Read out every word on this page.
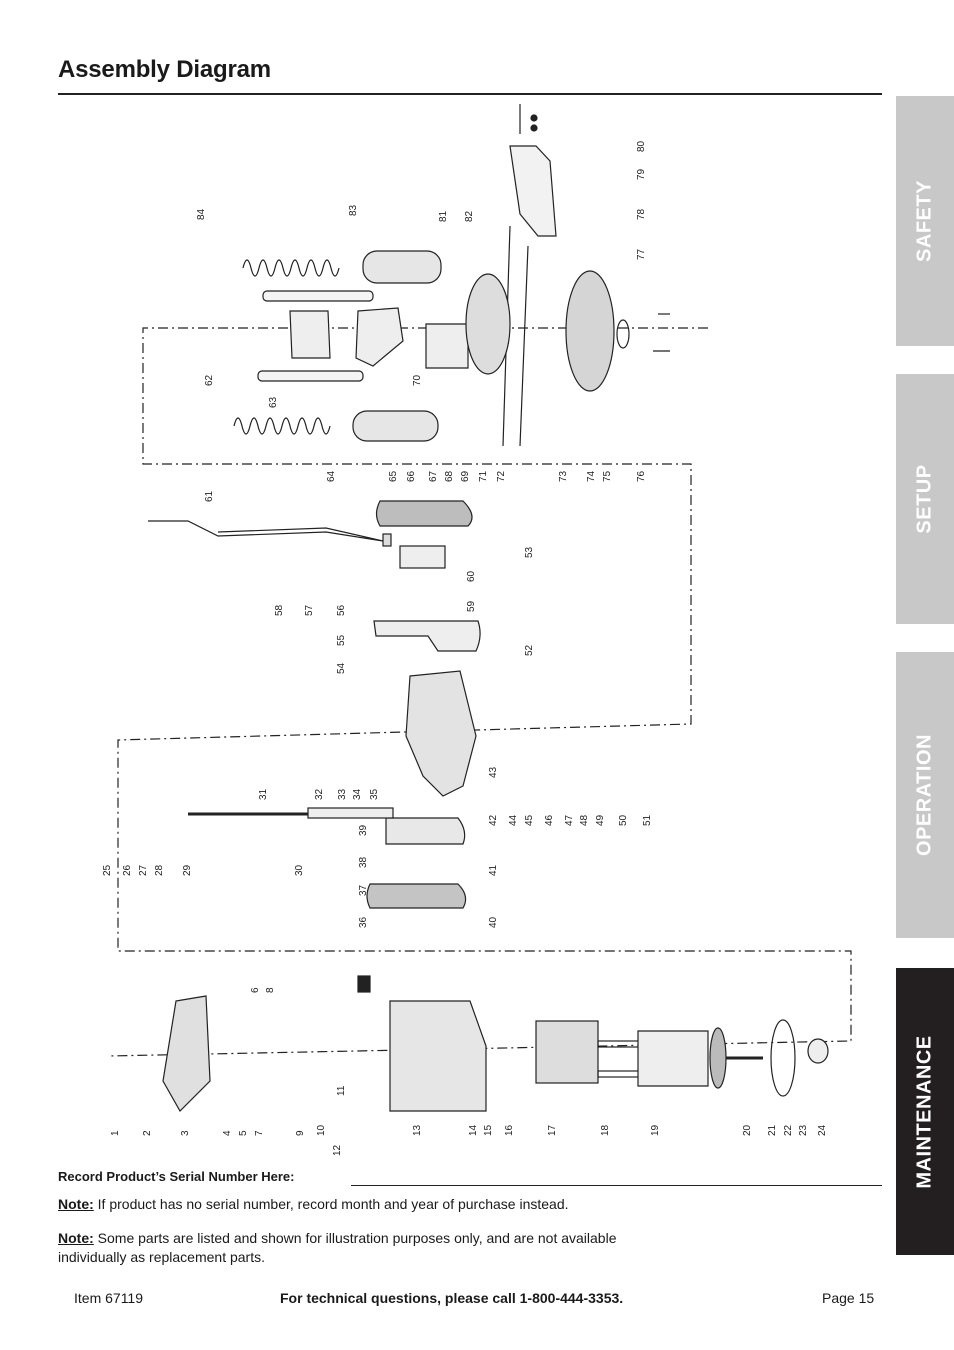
Assembly Diagram
SAFETY
SETUP
OPERATION
MAINTENANCE
1 2	3	4 5
6
7
8
9 10
11
12
13	14 15 16	17	18	19	20 21 22 23 24
25 26 27 28 29	30
31	32 33 34 35
36
37
38
39
40
41
42
43
44 45 46 47 48 49 50 51
52
53
54
55
56
57
58	59
60
61
62
63
64	65 66 67 68 69
70
71 72	73 74 75 76
77
78
79
80
81 82
83
84
Record Product’s Serial Number Here:
Note: If product has no serial number, record month and year of purchase instead.
Note: Some parts are listed and shown for illustration purposes only, and are not available individually as replacement parts.
Item 67119	For technical questions, please call 1-800-444-3353.	Page 15
